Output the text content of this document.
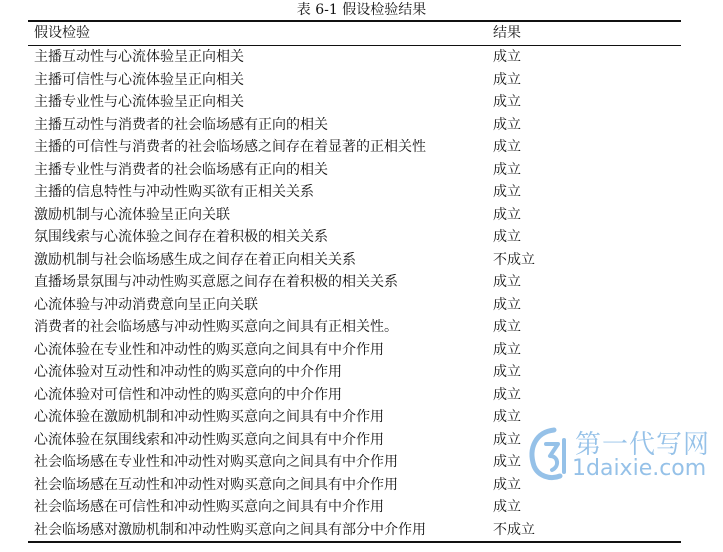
表 6-1 假设检验结果
假设检验	结果
主播互动性与心流体验呈正向相关	成立
主播可信性与心流体验呈正向相关	成立
主播专业性与心流体验呈正向相关	成立
主播互动性与消费者的社会临场感有正向的相关	成立
主播的可信性与消费者的社会临场感之间存在着显著的正相关性	成立
主播专业性与消费者的社会临场感有正向的相关	成立
主播的信息特性与冲动性购买欲有正相关关系	成立
激励机制与心流体验呈正向关联	成立
氛围线索与心流体验之间存在着积极的相关关系	成立
激励机制与社会临场感生成之间存在着正向相关关系	不成立
直播场景氛围与冲动性购买意愿之间存在着积极的相关关系	成立
心流体验与冲动消费意向呈正向关联	成立
消费者的社会临场感与冲动性购买意向之间具有正相关性。	成立
心流体验在专业性和冲动性的购买意向之间具有中介作用	成立
心流体验对互动性和冲动性的购买意向的中介作用	成立
心流体验对可信性和冲动性的购买意向的中介作用	成立
心流体验在激励机制和冲动性购买意向之间具有中介作用	成立
心流体验在氛围线索和冲动性购买意向之间具有中介作用	成立
社会临场感在专业性和冲动性对购买意向之间具有中介作用	成立
社会临场感在互动性和冲动性对购买意向之间具有中介作用	成立
社会临场感在可信性和冲动性购买意向之间具有中介作用	成立
社会临场感对激励机制和冲动性购买意向之间具有部分中介作用	不成立
第一代写网
1daixie.com
